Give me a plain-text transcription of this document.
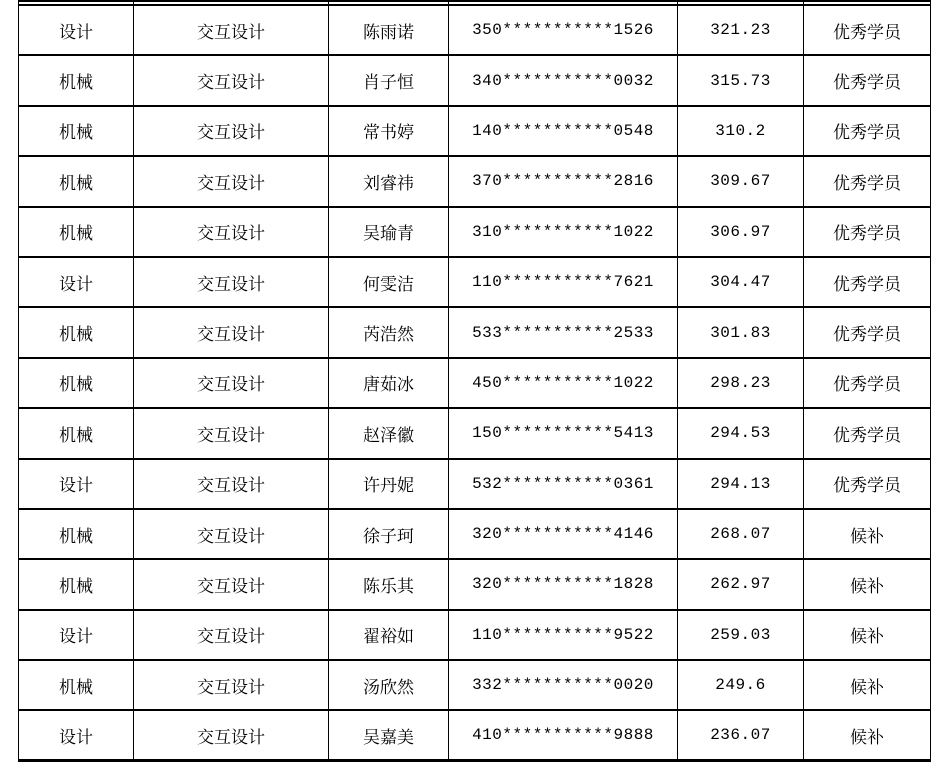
设计	交互设计	陈雨诺	350***********1526	321.23	优秀学员
机械	交互设计	肖子恒	340***********0032	315.73	优秀学员
机械	交互设计	常书婷	140***********0548	310.2	优秀学员
机械	交互设计	刘睿祎	370***********2816	309.67	优秀学员
机械	交互设计	吴瑜青	310***********1022	306.97	优秀学员
设计	交互设计	何雯洁	110***********7621	304.47	优秀学员
机械	交互设计	芮浩然	533***********2533	301.83	优秀学员
机械	交互设计	唐茹冰	450***********1022	298.23	优秀学员
机械	交互设计	赵泽徽	150***********5413	294.53	优秀学员
设计	交互设计	许丹妮	532***********0361	294.13	优秀学员
机械	交互设计	徐子珂	320***********4146	268.07	候补
机械	交互设计	陈乐其	320***********1828	262.97	候补
设计	交互设计	翟裕如	110***********9522	259.03	候补
机械	交互设计	汤欣然	332***********0020	249.6	候补
设计	交互设计	吴嘉美	410***********9888	236.07	候补
